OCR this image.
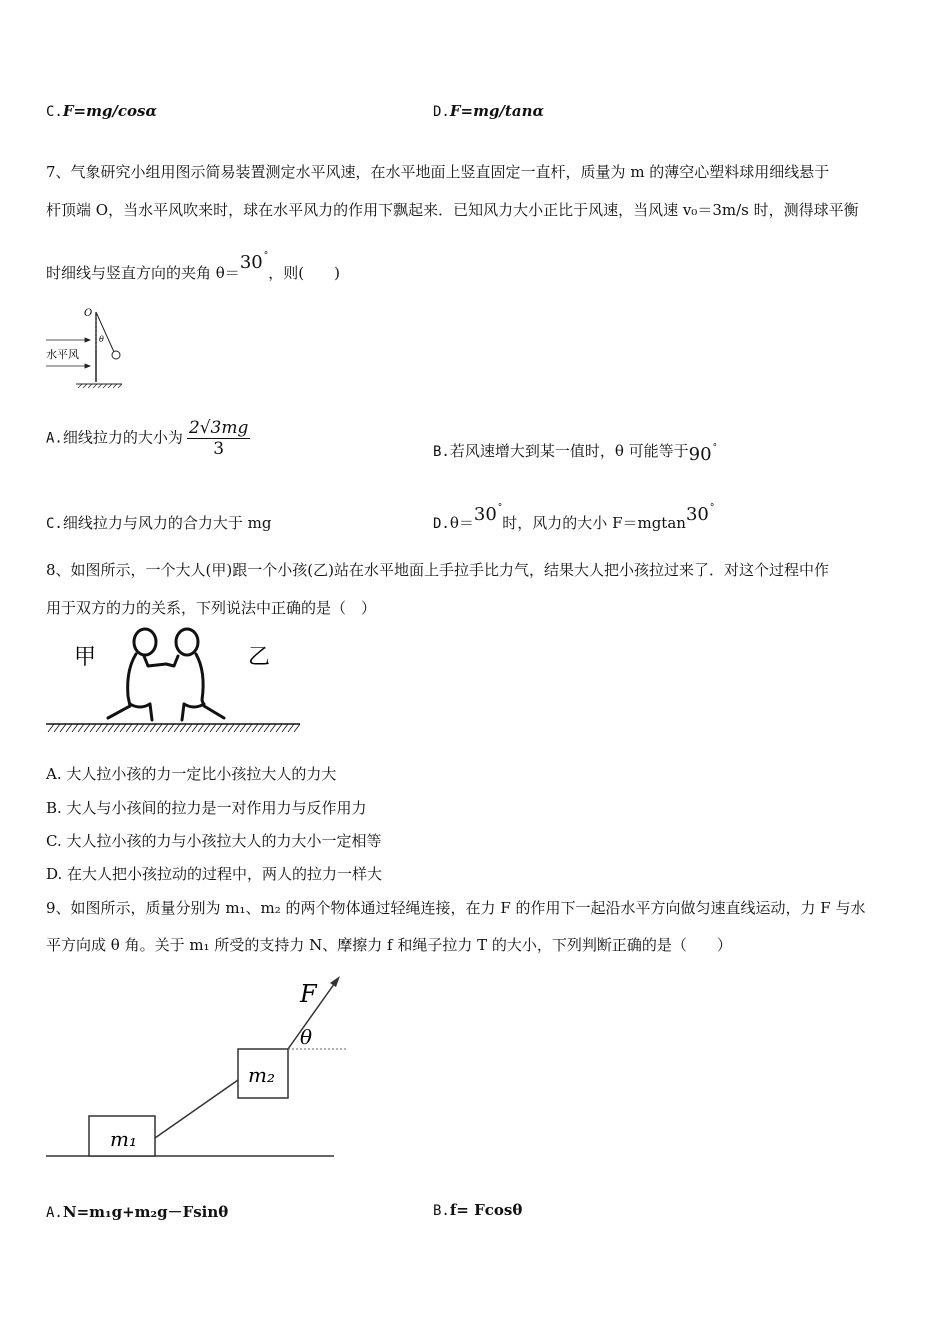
C.F=mg/cosα	D.F=mg/tanα
7、气象研究小组用图示简易装置测定水平风速，在水平地面上竖直固定一直杆，质量为 m 的薄空心塑料球用细线悬于
杆顶端 O，当水平风吹来时，球在水平风力的作用下飘起来．已知风力大小正比于风速，当风速 v₀＝3m/s 时，测得球平衡
时细线与竖直方向的夹角 θ＝30°，则(　　)
O
θ
水平风
A.细线拉力的大小为 $\frac{2√3mg}{3}$	B.若风速增大到某一值时，θ 可能等于90°
C.细线拉力与风力的合力大于 mg	D.θ＝30°时，风力的大小 F＝mgtan30°
8、如图所示，一个大人(甲)跟一个小孩(乙)站在水平地面上手拉手比力气，结果大人把小孩拉过来了．对这个过程中作
用于双方的力的关系，下列说法中正确的是（　）
甲	乙
A. 大人拉小孩的力一定比小孩拉大人的力大
B. 大人与小孩间的拉力是一对作用力与反作用力
C. 大人拉小孩的力与小孩拉大人的力大小一定相等
D. 在大人把小孩拉动的过程中，两人的拉力一样大
9、如图所示，质量分别为 m₁、m₂ 的两个物体通过轻绳连接，在力 F 的作用下一起沿水平方向做匀速直线运动，力 F 与水
平方向成 θ 角。关于 m₁ 所受的支持力 N、摩擦力 f 和绳子拉力 T 的大小，下列判断正确的是（　　）
F
θ
m₁
m₂
A.N=m₁g+m₂g－Fsinθ	B.f= Fcosθ
